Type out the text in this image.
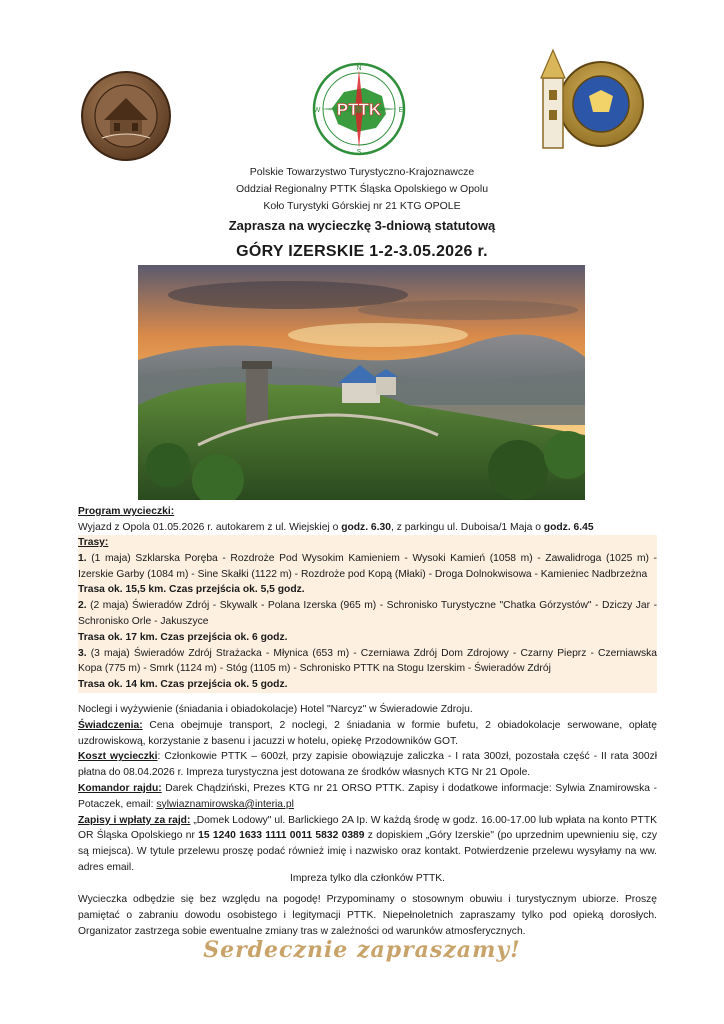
PTTK
N
E
S
W
Polskie Towarzystwo Turystyczno-Krajoznawcze
Oddział Regionalny PTTK Śląska Opolskiego w Opolu
Koło Turystyki Górskiej nr 21 KTG OPOLE
Zaprasza na wycieczkę 3-dniową statutową
GÓRY IZERSKIE 1-2-3.05.2026 r.
Program wycieczki:
Wyjazd z Opola 01.05.2026 r. autokarem z ul. Wiejskiej o godz. 6.30, z parkingu ul. Duboisa/1 Maja o godz. 6.45

Trasy:

1. (1 maja) Szklarska Poręba - Rozdroże Pod Wysokim Kamieniem - Wysoki Kamień (1058 m) - Zawalidroga (1025 m) - Izerskie Garby (1084 m) - Sine Skałki (1122 m) - Rozdroże pod Kopą (Młaki) - Droga Dolnokwisowa - Kamieniec Nadbrzeżna

Trasa ok. 15,5 km. Czas przejścia ok. 5,5 godz.

2. (2 maja) Świeradów Zdrój - Skywalk - Polana Izerska (965 m) - Schronisko Turystyczne "Chatka Górzystów" - Dziczy Jar - Schronisko Orle - Jakuszyce

Trasa ok. 17 km. Czas przejścia ok. 6 godz.

3. (3 maja) Świeradów Zdrój Strażacka - Młynica (653 m) - Czerniawa Zdrój Dom Zdrojowy - Czarny Pieprz - Czerniawska Kopa (775 m) - Smrk (1124 m) - Stóg (1105 m) - Schronisko PTTK na Stogu Izerskim - Świeradów Zdrój

Trasa ok. 14 km. Czas przejścia ok. 5 godz.

Noclegi i wyżywienie (śniadania i obiadokolacje) Hotel "Narcyz" w Świeradowie Zdroju.

Świadczenia: Cena obejmuje transport, 2 noclegi, 2 śniadania w formie bufetu, 2 obiadokolacje serwowane, opłatę uzdrowiskową, korzystanie z basenu i jacuzzi w hotelu, opiekę Przodowników GOT.

Koszt wycieczki: Członkowie PTTK – 600zł, przy zapisie obowiązuje zaliczka - I rata 300zł, pozostała część - II rata 300zł płatna do 08.04.2026 r. Impreza turystyczna jest dotowana ze środków własnych KTG Nr 21 Opole.

Komandor rajdu: Darek Chądziński, Prezes KTG nr 21 ORSO PTTK. Zapisy i dodatkowe informacje: Sylwia Znamirowska -Potaczek, email: sylwiaznamirowska@interia.pl

Zapisy i wpłaty za rajd: „Domek Lodowy" ul. Barlickiego 2A Ip. W każdą środę w godz. 16.00-17.00 lub wpłata na konto PTTK OR Śląska Opolskiego nr 15 1240 1633 1111 0011 5832 0389 z dopiskiem „Góry Izerskie" (po uprzednim upewnieniu się, czy są miejsca). W tytule przelewu proszę podać również imię i nazwisko oraz kontakt. Potwierdzenie przelewu wysyłamy na ww. adres email.

Impreza tylko dla członków PTTK.

Wycieczka odbędzie się bez względu na pogodę! Przypominamy o stosownym obuwiu i turystycznym ubiorze. Proszę pamiętać o zabraniu dowodu osobistego i legitymacji PTTK. Niepełnoletnich zapraszamy tylko pod opieką dorosłych. Organizator zastrzega sobie ewentualne zmiany tras w zależności od warunków atmosferycznych.

Serdecznie zapraszamy!
